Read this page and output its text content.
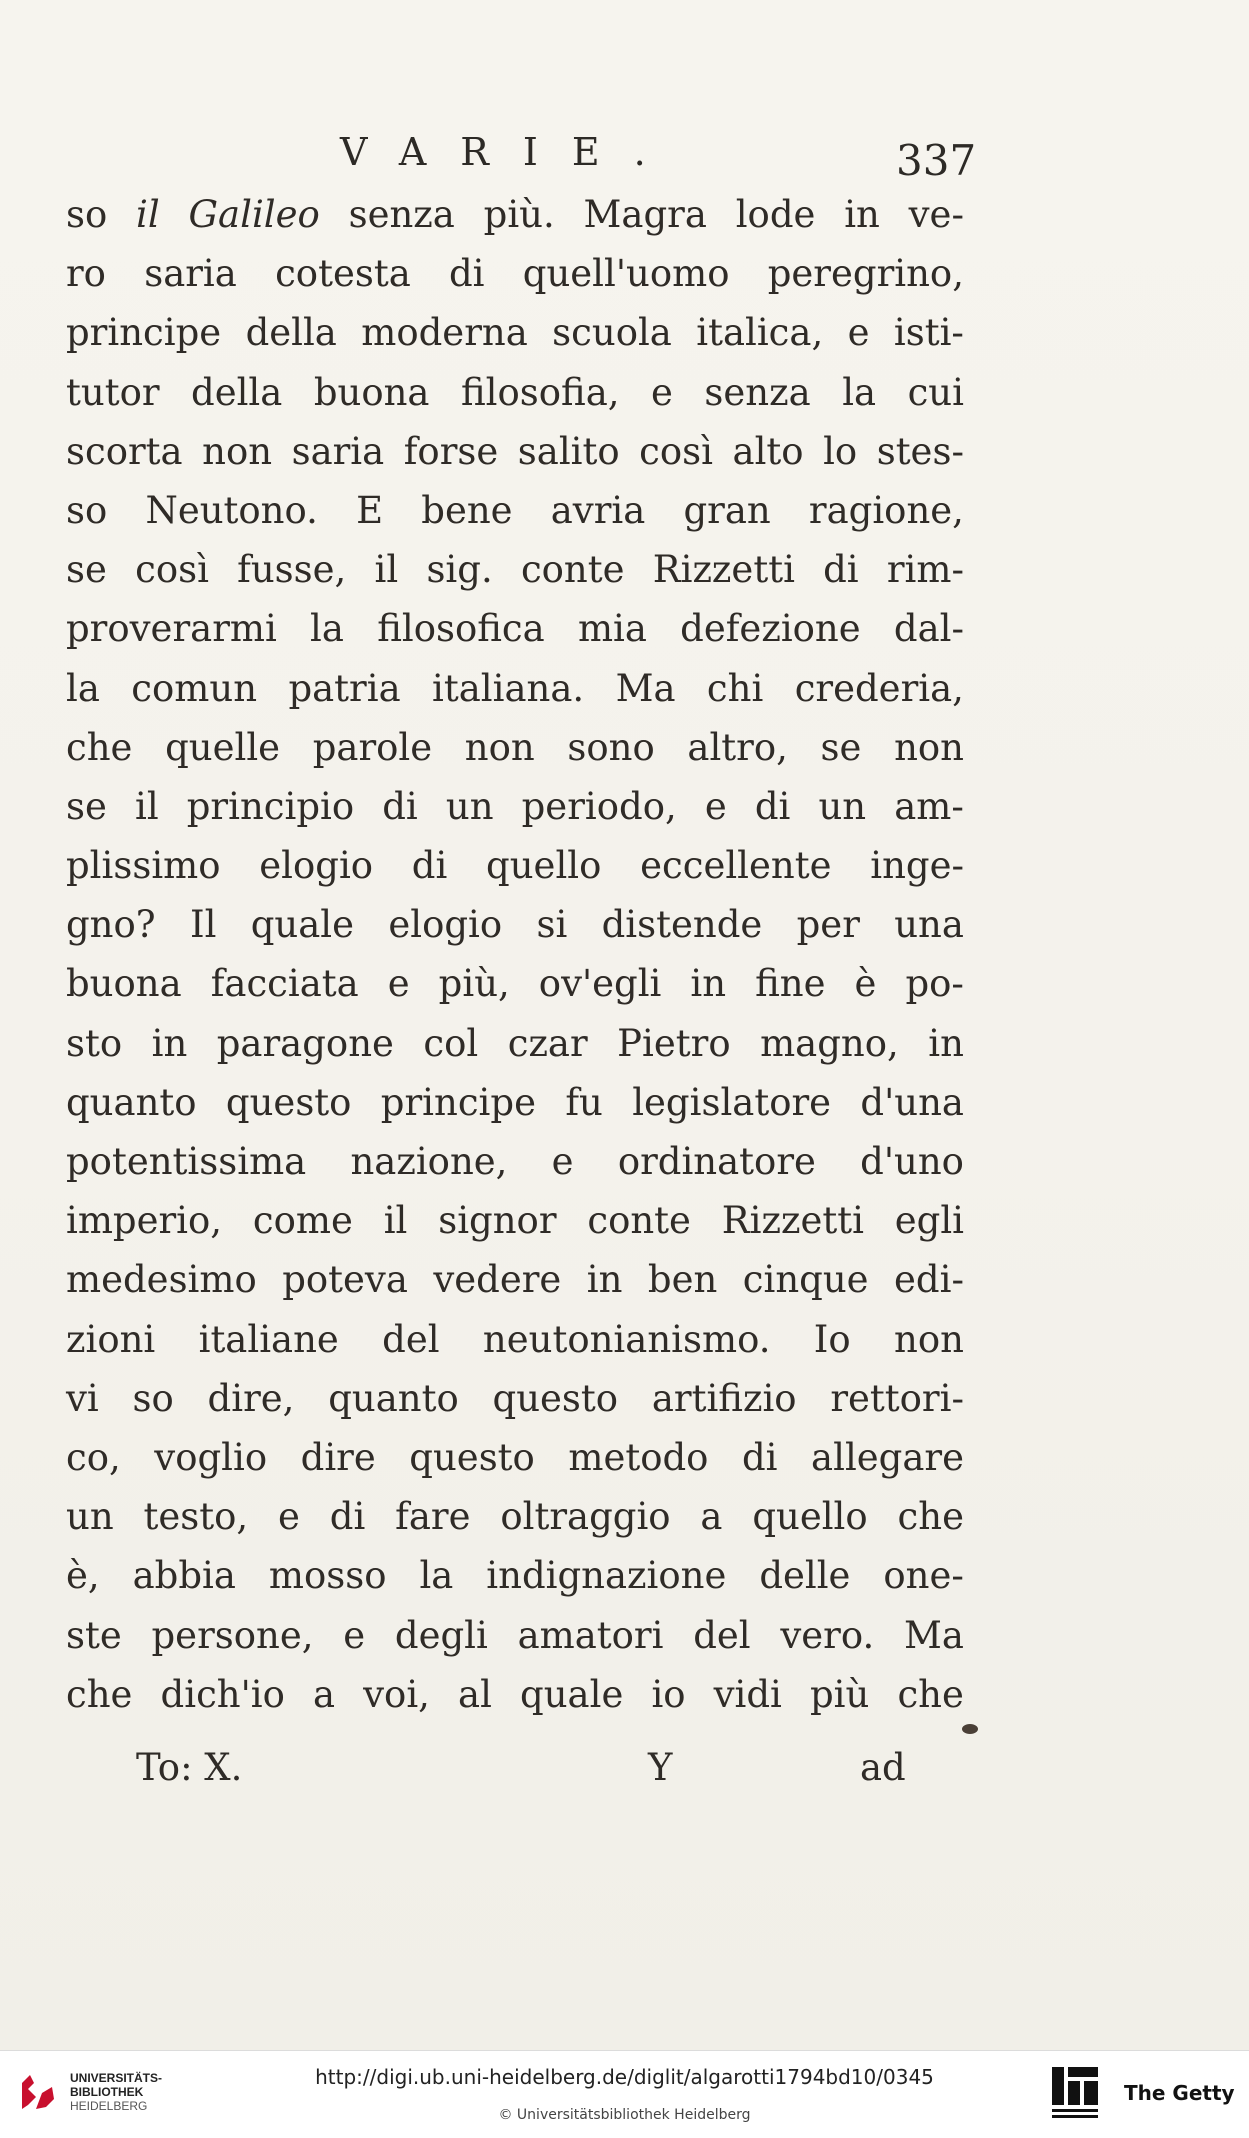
VARIE.	337
so il Galileo senza più. Magra lode in ve-
ro saria cotesta di quell'uomo peregrino,
principe della moderna scuola italica, e isti-
tutor della buona filosofia, e senza la cui
scorta non saria forse salito così alto lo stes-
so Neutono. E bene avria gran ragione,
se così fusse, il sig. conte Rizzetti di rim-
proverarmi la filosofica mia defezione dal-
la comun patria italiana. Ma chi crederia,
che quelle parole non sono altro, se non
se il principio di un periodo, e di un am-
plissimo elogio di quello eccellente inge-
gno? Il quale elogio si distende per una
buona facciata e più, ov'egli in fine è po-
sto in paragone col czar Pietro magno, in
quanto questo principe fu legislatore d'una
potentissima nazione, e ordinatore d'uno
imperio, come il signor conte Rizzetti egli
medesimo poteva vedere in ben cinque edi-
zioni italiane del neutonianismo. Io non
vi so dire, quanto questo artifizio rettori-
co, voglio dire questo metodo di allegare
un testo, e di fare oltraggio a quello che
è, abbia mosso la indignazione delle one-
ste persone, e degli amatori del vero. Ma
che dich'io a voi, al quale io vidi più che
To: X.	Y	ad
UNIVERSITÄTS-
BIBLIOTHEK
HEIDELBERG
http://digi.ub.uni-heidelberg.de/diglit/algarotti1794bd10/0345
© Universitätsbibliothek Heidelberg
The Getty
